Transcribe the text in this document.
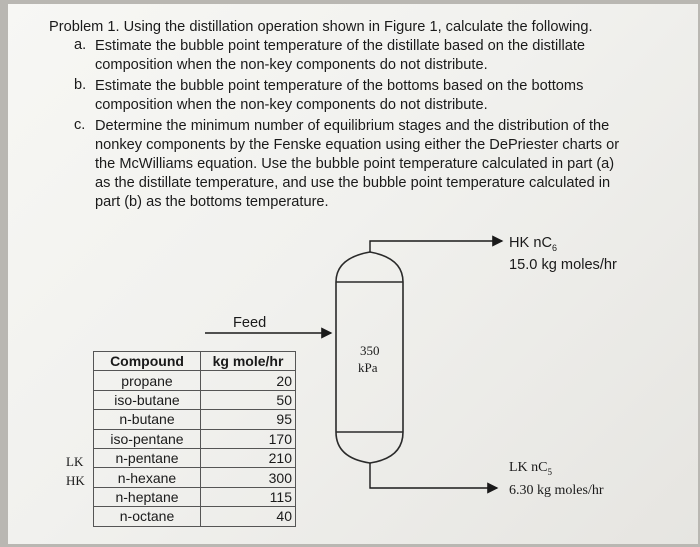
Problem 1. Using the distillation operation shown in Figure 1, calculate the following.
a. Estimate the bubble point temperature of the distillate based on the distillate
composition when the non-key components do not distribute.
b. Estimate the bubble point temperature of the bottoms based on the bottoms
composition when the non-key components do not distribute.
c. Determine the minimum number of equilibrium stages and the distribution of the
nonkey components by the Fenske equation using either the DePriester charts or
the McWilliams equation. Use the bubble point temperature calculated in part (a)
as the distillate temperature, and use the bubble point temperature calculated in
part (b) as the bottoms temperature.
HK $nC_6$
15.0 kg moles/hr
350
kPa
Feed
LK $nC_5$
6.30 kg moles/hr
LK
HK
Compound	kg mole/hr
propane	20
iso-butane	50
n-butane	95
iso-pentane	170
n-pentane	210
n-hexane	300
n-heptane	115
n-octane	40
